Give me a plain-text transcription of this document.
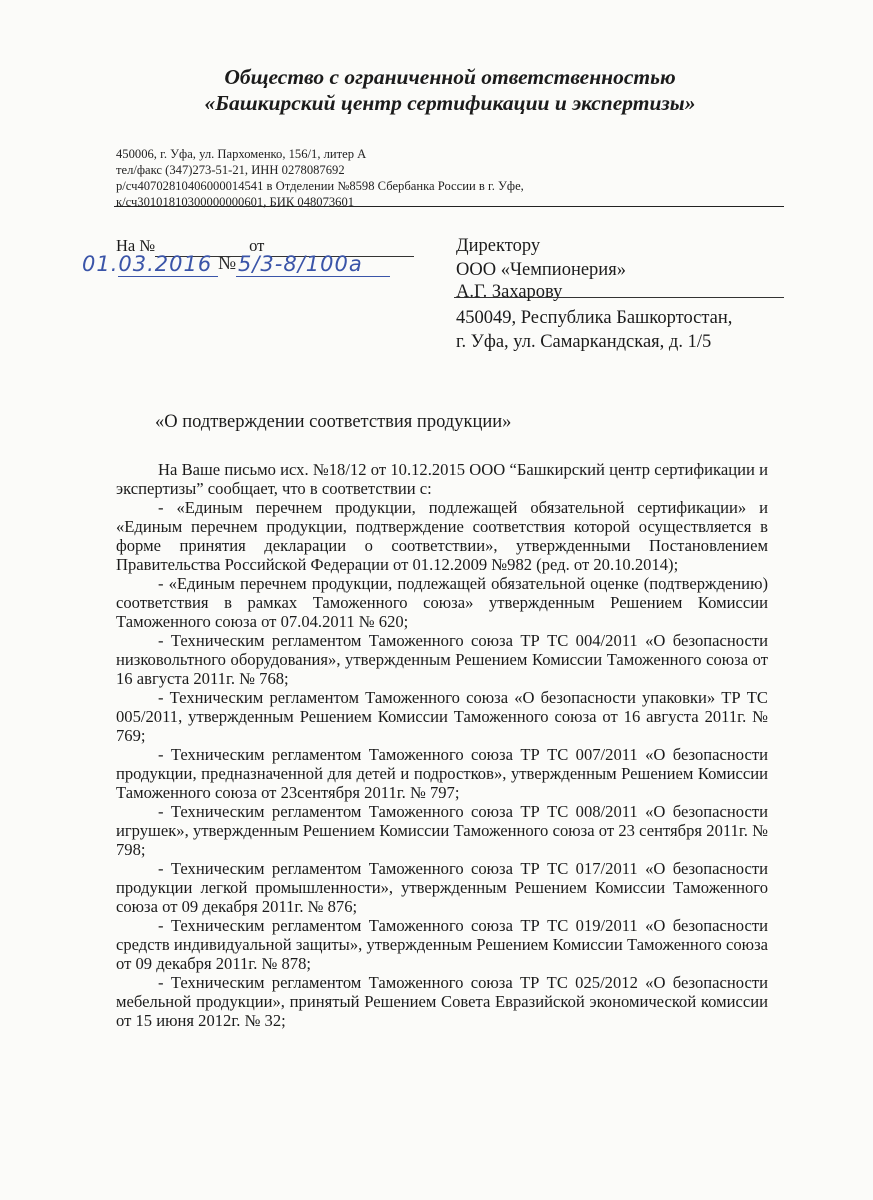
Общество с ограниченной ответственностью
«Башкирский центр сертификации и экспертизы»
450006, г. Уфа, ул. Пархоменко, 156/1, литер А
тел/факс (347)273-51-21, ИНН 0278087692
р/сч40702810406000014541 в Отделении №8598 Сбербанка России в г. Уфе,
к/сч30101810300000000601, БИК 048073601
На №	от
01.03.2016 № 5/3-8/100а
Директору
ООО «Чемпионерия»
А.Г. Захарову
450049, Республика Башкортостан,
г. Уфа, ул. Самаркандская, д. 1/5
«О подтверждении соответствия продукции»

На Ваше письмо исх. №18/12 от 10.12.2015 ООО “Башкирский центр сертификации и экспертизы” сообщает, что в соответствии с:

- «Единым перечнем продукции, подлежащей обязательной сертификации» и «Единым перечнем продукции, подтверждение соответствия которой осуществляется в форме принятия декларации о соответствии», утвержденными Постановлением Правительства Российской Федерации от 01.12.2009 №982 (ред. от 20.10.2014);

- «Единым перечнем продукции, подлежащей обязательной оценке (подтверждению) соответствия в рамках Таможенного союза» утвержденным Решением Комиссии Таможенного союза от 07.04.2011 № 620;

- Техническим регламентом Таможенного союза ТР ТС 004/2011 «О безопасности низковольтного оборудования», утвержденным Решением Комиссии Таможенного союза от 16 августа 2011г. № 768;

- Техническим регламентом Таможенного союза «О безопасности упаковки» ТР ТС 005/2011, утвержденным Решением Комиссии Таможенного союза от 16 августа 2011г. № 769;

- Техническим регламентом Таможенного союза ТР ТС 007/2011 «О безопасности продукции, предназначенной для детей и подростков», утвержденным Решением Комиссии Таможенного союза от 23сентября 2011г. № 797;

- Техническим регламентом Таможенного союза ТР ТС 008/2011 «О безопасности игрушек», утвержденным Решением Комиссии Таможенного союза от 23 сентября 2011г. № 798;

- Техническим регламентом Таможенного союза ТР ТС 017/2011 «О безопасности продукции легкой промышленности», утвержденным Решением Комиссии Таможенного союза от 09 декабря 2011г. № 876;

- Техническим регламентом Таможенного союза ТР ТС 019/2011 «О безопасности средств индивидуальной защиты», утвержденным Решением Комиссии Таможенного союза от 09 декабря 2011г. № 878;

- Техническим регламентом Таможенного союза ТР ТС 025/2012 «О безопасности мебельной продукции», принятый Решением Совета Евразийской экономической комиссии от 15 июня 2012г. № 32;
